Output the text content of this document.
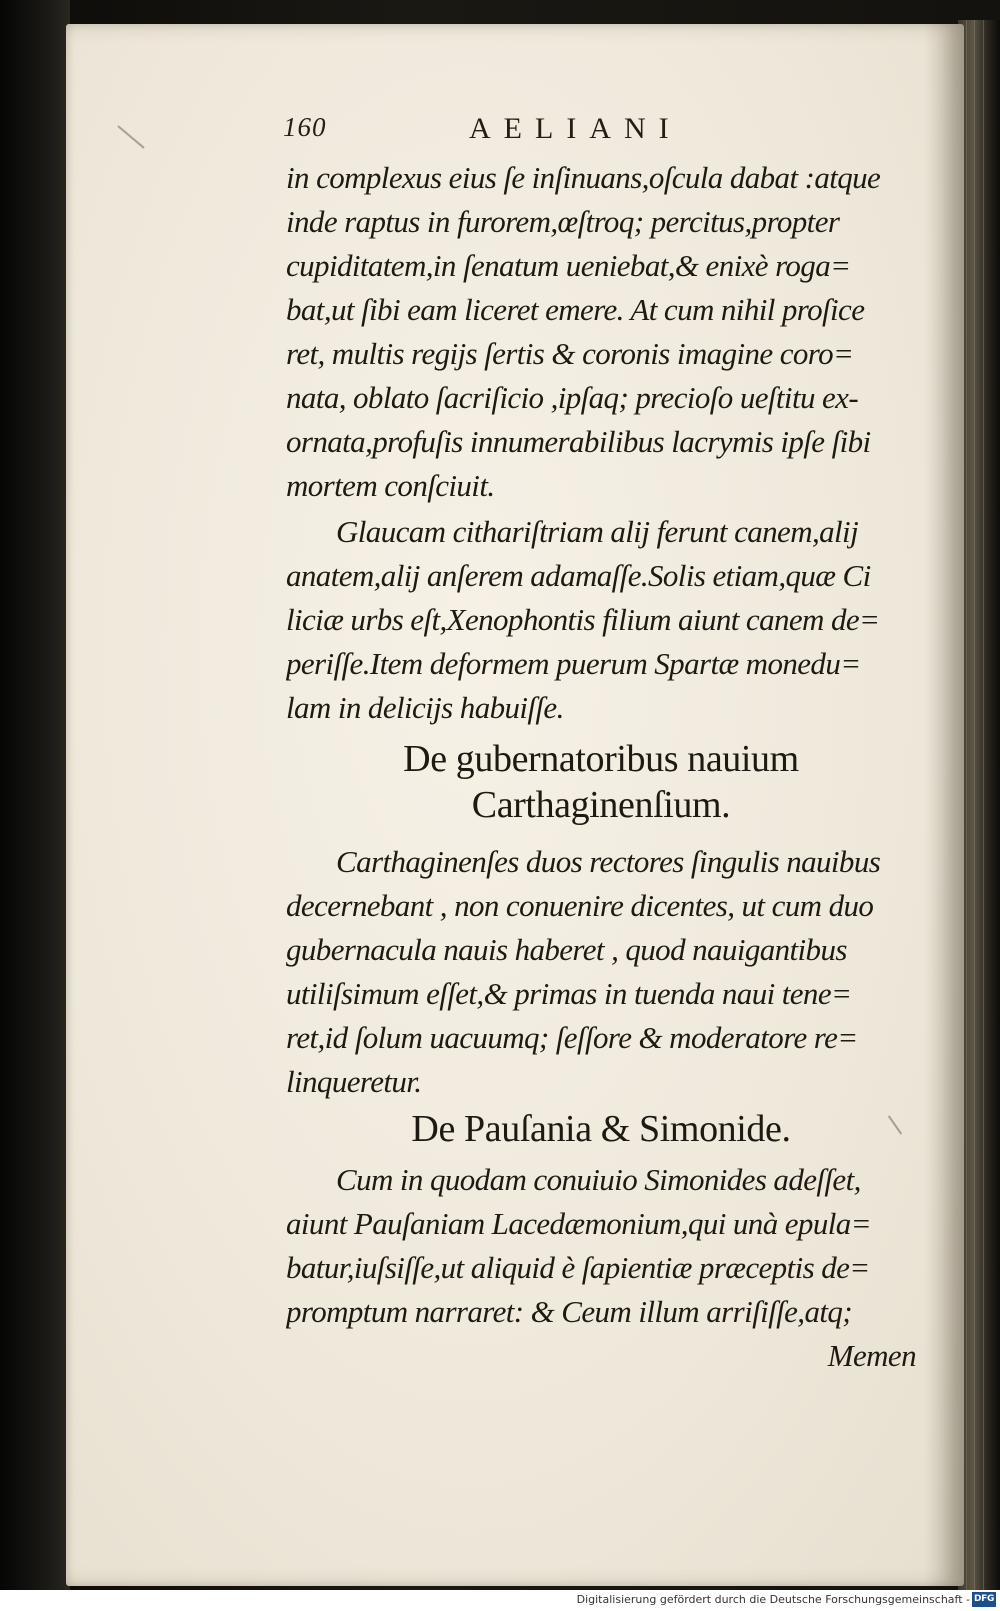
160	AELIANI
in complexus eius ſe inſinuans,oſcula dabat :atque
inde raptus in furorem,œſtroq; percitus,propter
cupiditatem,in ſenatum ueniebat,& enixè roga=
bat,ut ſibi eam liceret emere. At cum nihil proſice
ret, multis regijs ſertis & coronis imagine coro=
nata, oblato ſacriſicio ,ipſaq; precioſo ueſtitu ex-
ornata,profuſis innumerabilibus lacrymis ipſe ſibi
mortem conſciuit.
Glaucam cithariſtriam alij ferunt canem,alij
anatem,alij anſerem adamaſſe.Solis etiam,quæ Ci
liciæ urbs eſt,Xenophontis filium aiunt canem de=
periſſe.Item deformem puerum Spartæ monedu=
lam in delicijs habuiſſe.
De gubernatoribus nauium
Carthaginenſium.
Carthaginenſes duos rectores ſingulis nauibus
decernebant , non conuenire dicentes, ut cum duo
gubernacula nauis haberet , quod nauigantibus
utiliſsimum eſſet,& primas in tuenda naui tene=
ret,id ſolum uacuumq; ſeſſore & moderatore re=
linqueretur.
De Pauſania & Simonide.
Cum in quodam conuiuio Simonides adeſſet,
aiunt Pauſaniam Lacedæmonium,qui unà epula=
batur,iuſsiſſe,ut aliquid è ſapientiæ præceptis de=
promptum narraret: & Ceum illum arriſiſſe,atq;
Memen
Digitalisierung gefördert durch die Deutsche Forschungsgemeinschaft - DFG
